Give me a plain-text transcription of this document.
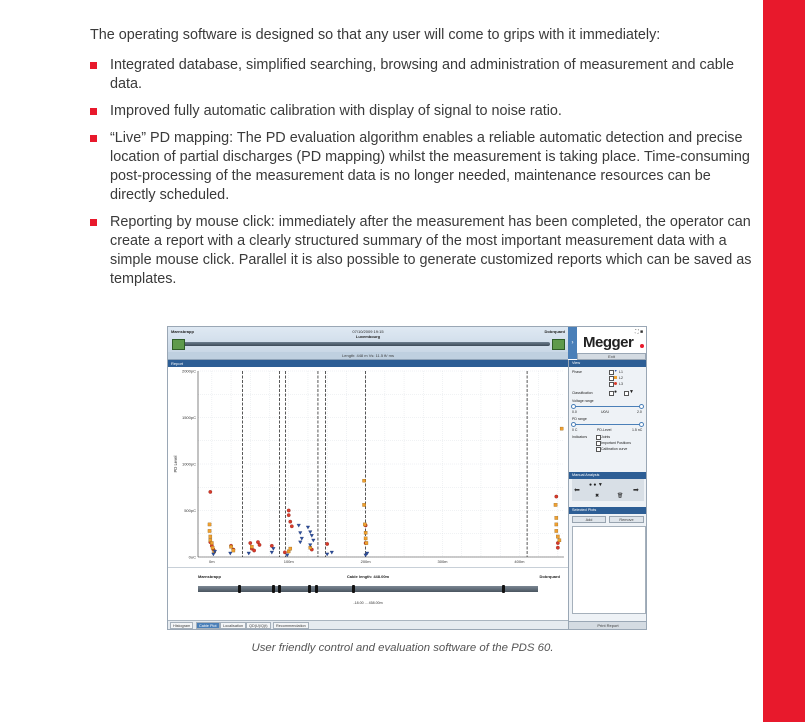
The operating software is designed so that any user will come to grips with it immediately:

Integrated database, simplified searching, browsing and administration of measurement and cable data.
Improved fully automatic calibration with display of signal to noise ratio.
“Live” PD mapping: The PD evaluation algorithm enables a reliable automatic detection and precise location of partial discharges (PD mapping) whilst the measurement is taking place. Time-consuming post-processing of the measurement data is no longer needed, maintenance resources can be directly scheduled.
Reporting by mouse click: immediately after the measurement has been completed, the operator can create a report with a clearly structured summary of the most important measurement data with a simple mouse click. Parallel it is also possible to generate customized reports which can be saved as templates.
Marnsbrapp	07/10/2009 19:15
Luxembourg
Dobrquard
Length: 448 m Vs: 11.5 ft/ ms
›
⛶ ■
Megger
Exit
Report
2000pC
1500pC
1000pC
500pC
0uC
0m	100m	200m	300m	400m
PD Level
Marnsbrapp	Cable length: 448.00m	Dobrquard
-18.00 ... 458.00m
Histogram	Cable Plot	Localisation	QD(U)/Q(t)	Recommendation
View
Phase	▼ L1
L2
L3
Classification	● ▼
Voltage range
0.0	U0/U	2.0
PD range
0 C	PD-Level	1.5 nC
Indicators	Joints
Important Positions
Calibration curve
Manual Analysis
⬅	➡
● ● ▼
✖	🗑
Selected Plots
Add	Remove
Print Report
User friendly control and evaluation software of the PDS 60.
